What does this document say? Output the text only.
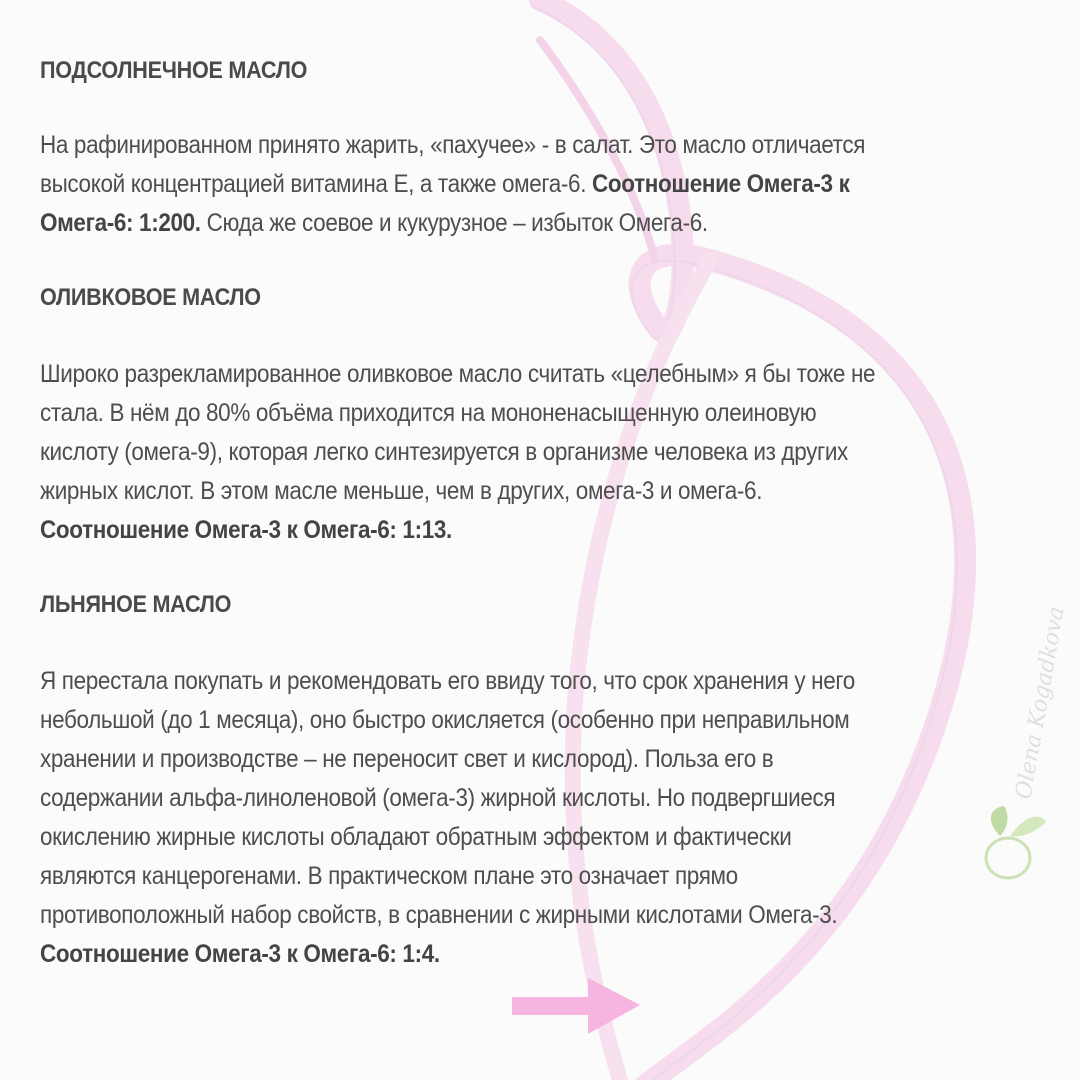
Olena Kogadkova
ПОДСОЛНЕЧНОЕ МАСЛО

На рафинированном принято жарить, «пахучее» - в салат. Это масло отличается
высокой концентрацией витамина Е, а также омега-6. Соотношение Омега-3 к
Омега-6: 1:200. Сюда же соевое и кукурузное – избыток Омега-6.

ОЛИВКОВОЕ МАСЛО

Широко разрекламированное оливковое масло считать «целебным» я бы тоже не
стала. В нём до 80% объёма приходится на мононенасыщенную олеиновую
кислоту (омега-9), которая легко синтезируется в организме человека из других
жирных кислот. В этом масле меньше, чем в других, омега-3 и омега-6.
Соотношение Омега-3 к Омега-6: 1:13.

ЛЬНЯНОЕ МАСЛО

Я перестала покупать и рекомендовать его ввиду того, что срок хранения у него
небольшой (до 1 месяца), оно быстро окисляется (особенно при неправильном
хранении и производстве – не переносит свет и кислород). Польза его в
содержании альфа-линоленовой (омега-3) жирной кислоты. Но подвергшиеся
окислению жирные кислоты обладают обратным эффектом и фактически
являются канцерогенами. В практическом плане это означает прямо
противоположный набор свойств, в сравнении с жирными кислотами Омега-3.
Соотношение Омега-3 к Омега-6: 1:4.
